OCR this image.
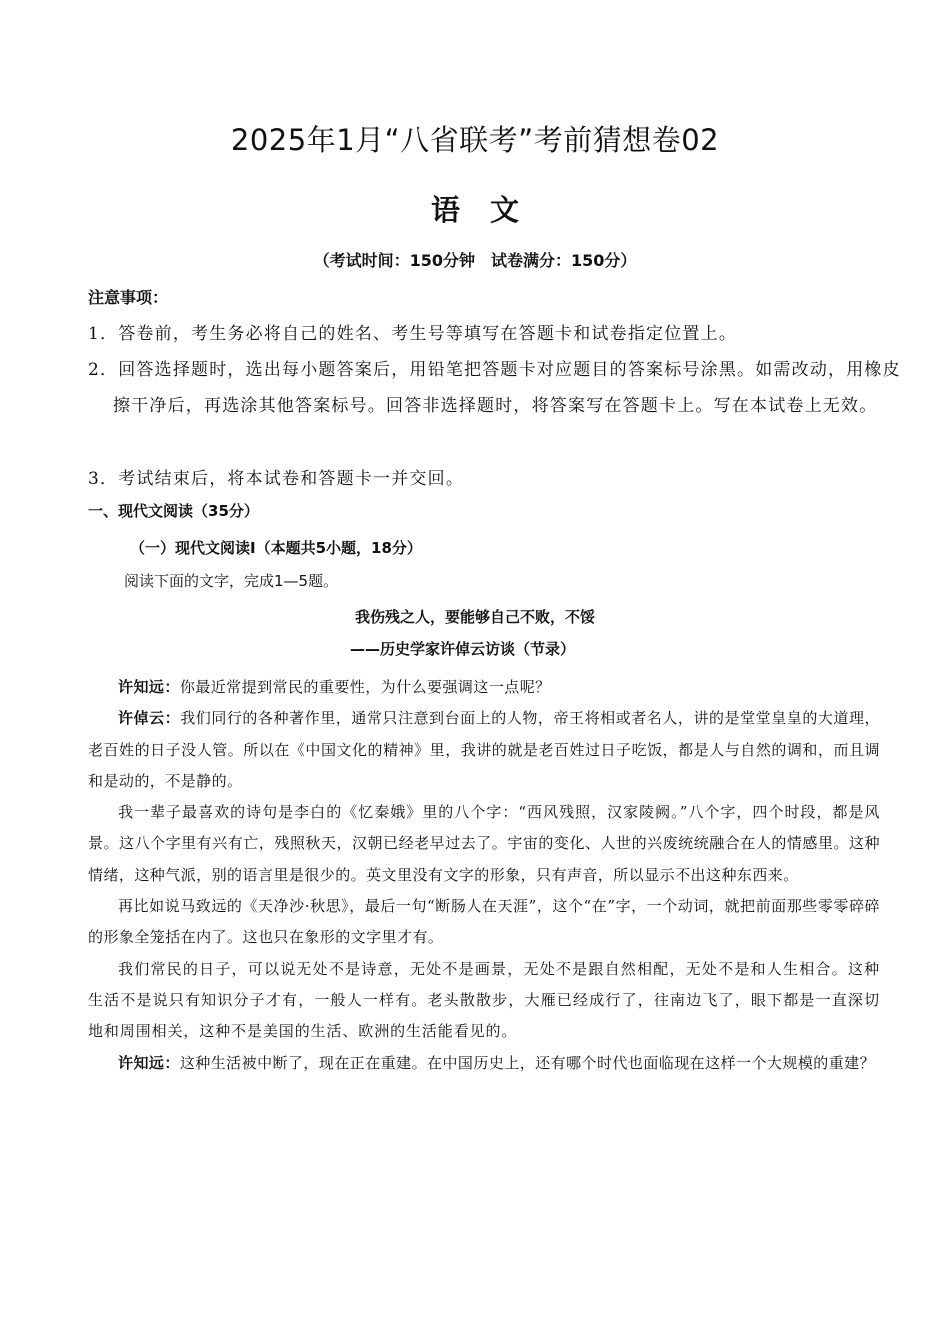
2025年1月“八省联考”考前猜想卷02
语文
（考试时间：150分钟　试卷满分：150分）
注意事项：
1．答卷前，考生务必将自己的姓名、考生号等填写在答题卡和试卷指定位置上。
2．回答选择题时，选出每小题答案后，用铅笔把答题卡对应题目的答案标号涂黑。如需改动，用橡皮擦干净后，再选涂其他答案标号。回答非选择题时，将答案写在答题卡上。写在本试卷上无效。
3．考试结束后，将本试卷和答题卡一并交回。
一、现代文阅读（35分）
（一）现代文阅读Ⅰ（本题共5小题，18分）
阅读下面的文字，完成1—5题。
我伤残之人，要能够自己不败，不馁
——历史学家许倬云访谈（节录）

许知远：你最近常提到常民的重要性，为什么要强调这一点呢？

许倬云：我们同行的各种著作里，通常只注意到台面上的人物，帝王将相或者名人，讲的是堂堂皇皇的大道理，老百姓的日子没人管。所以在《中国文化的精神》里，我讲的就是老百姓过日子吃饭，都是人与自然的调和，而且调和是动的，不是静的。

我一辈子最喜欢的诗句是李白的《忆秦娥》里的八个字：“西风残照，汉家陵阙。”八个字，四个时段，都是风景。这八个字里有兴有亡，残照秋天，汉朝已经老早过去了。宇宙的变化、人世的兴废统统融合在人的情感里。这种情绪，这种气派，别的语言里是很少的。英文里没有文字的形象，只有声音，所以显示不出这种东西来。

再比如说马致远的《天净沙·秋思》，最后一句“断肠人在天涯”，这个“在”字，一个动词，就把前面那些零零碎碎的形象全笼括在内了。这也只在象形的文字里才有。

我们常民的日子，可以说无处不是诗意，无处不是画景，无处不是跟自然相配，无处不是和人生相合。这种生活不是说只有知识分子才有，一般人一样有。老头散散步，大雁已经成行了，往南边飞了，眼下都是一直深切地和周围相关，这种不是美国的生活、欧洲的生活能看见的。

许知远：这种生活被中断了，现在正在重建。在中国历史上，还有哪个时代也面临现在这样一个大规模的重建？
